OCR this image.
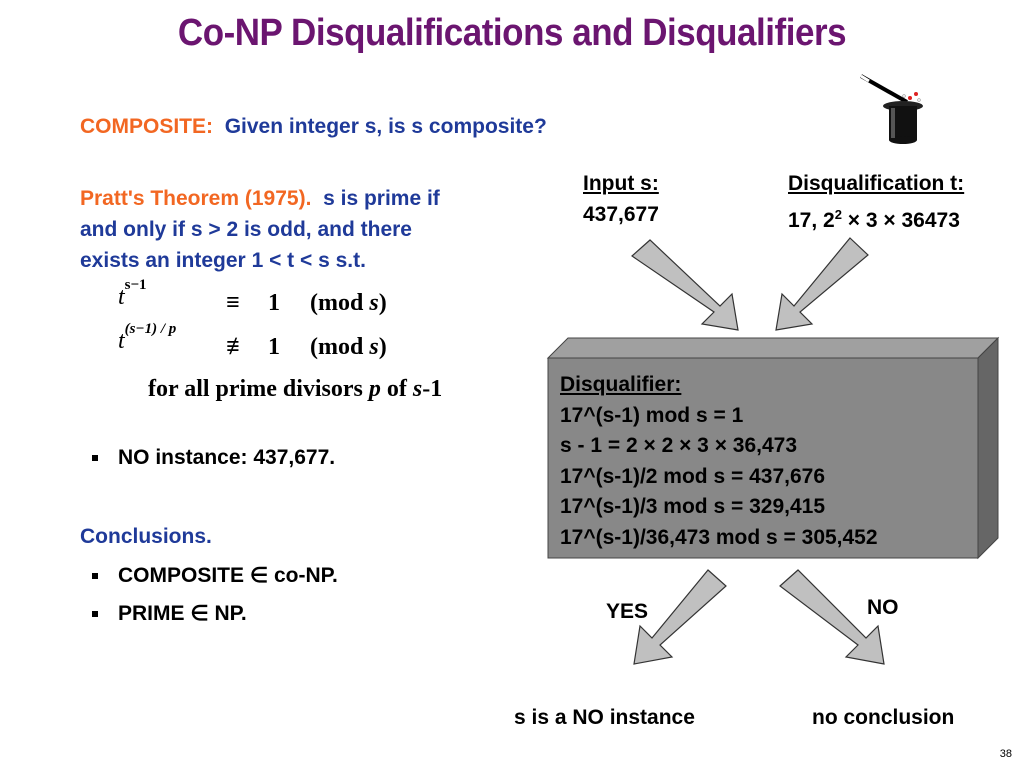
Co-NP Disqualifications and Disqualifiers
COMPOSITE: Given integer s, is s composite?
Pratt's Theorem (1975). s is prime if
and only if s > 2 is odd, and there
exists an integer 1 < t < s s.t.
$t^{s-1}$
≡ 1 (mod s)
$t^{(s-1) / p}$
≢ 1 (mod s)
for all prime divisors p of s-1
NO instance: 437,677.
Conclusions.
COMPOSITE ∈ co-NP.
PRIME ∈ NP.
Input s:
437,677
Disqualification t:
17, $2^2 \times 3 \times 36473$
Disqualifier:
17^(s-1) mod s = 1
s - 1 = 2 × 2 × 3 × 36,473
17^(s-1)/2 mod s = 437,676
17^(s-1)/3 mod s = 329,415
17^(s-1)/36,473 mod s = 305,452
YES	NO
s is a NO instance	no conclusion
38
